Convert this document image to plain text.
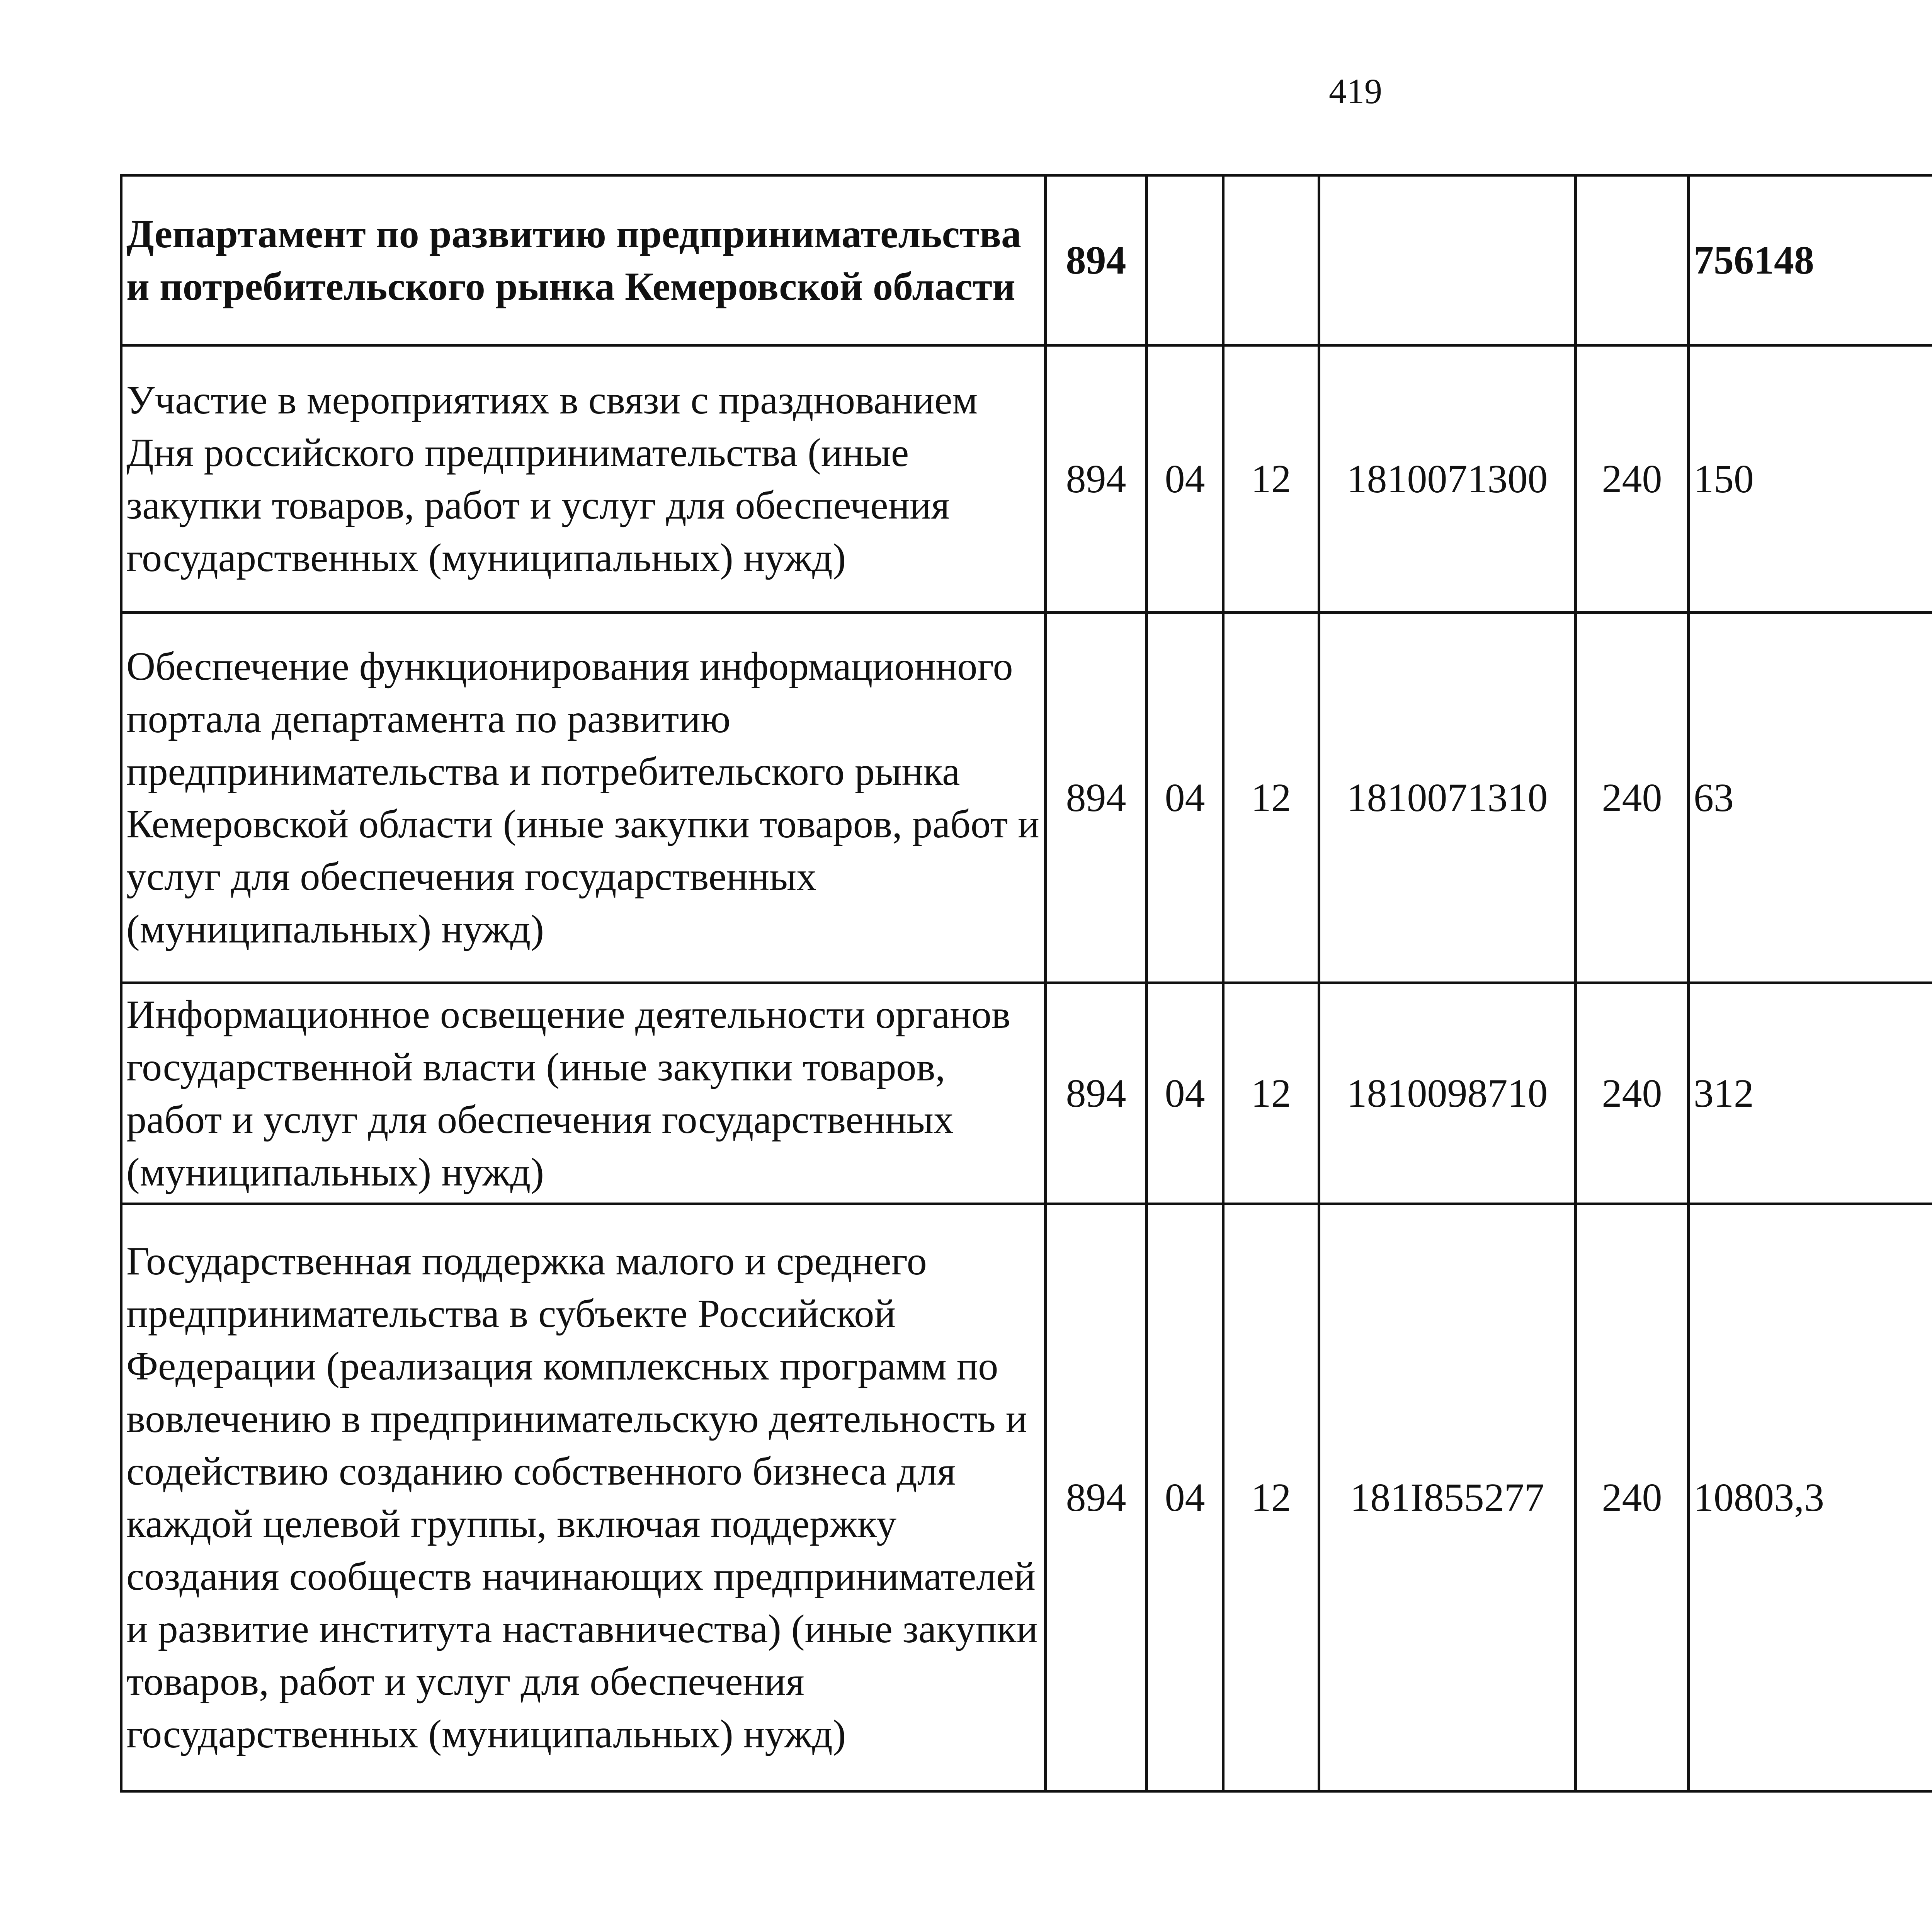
419
Департамент по развитию предпринимательства и потребительского рынка Кемеровской области	894					756148		
Участие в мероприятиях в связи с празднованием Дня российского предпринимательства (иные закупки товаров, работ и услуг для обеспечения государственных (муниципальных) нужд)	894	04	12	1810071300	240	150		
Обеспечение функционирования информационного портала департамента по развитию предпринимательства и потребительского рынка Кемеровской области (иные закупки товаров, работ и услуг для обеспечения государственных (муниципальных) нужд)	894	04	12	1810071310	240	63		
Информационное освещение деятельности органов государственной власти (иные закупки товаров, работ и услуг для обеспечения государственных (муниципальных) нужд)	894	04	12	1810098710	240	312		
Государственная поддержка малого и среднего предпринимательства в субъекте Российской Федерации (реализация комплексных программ по вовлечению в предпринимательскую деятельность и содействию созданию собственного бизнеса для каждой целевой группы, включая поддержку создания сообществ начинающих предпринимателей и развитие института наставничества) (иные закупки товаров, работ и услуг для обеспечения государственных (муниципальных) нужд)	894	04	12	181I855277	240	10803,3		
